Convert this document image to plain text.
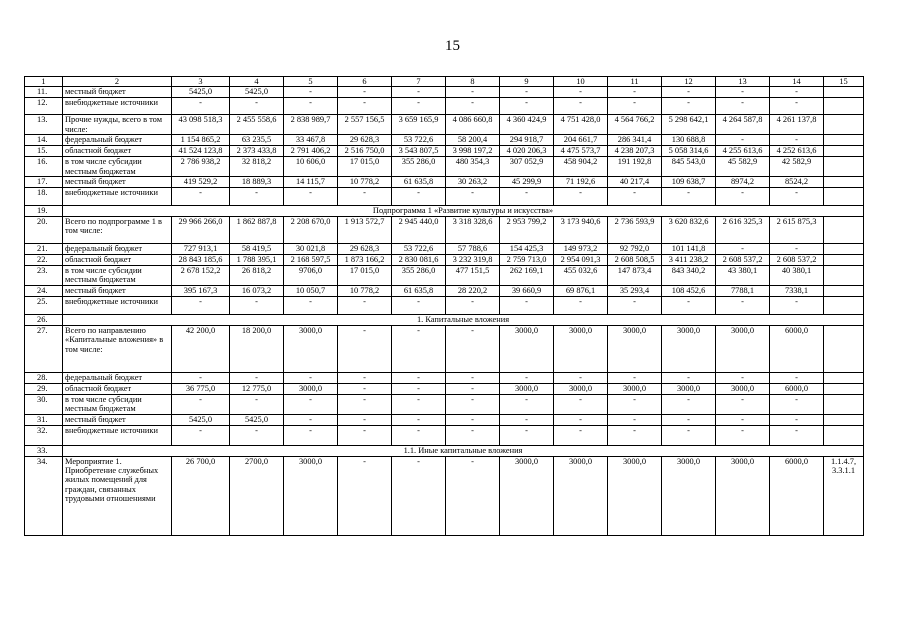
15
1	2	3	4	5	6	7	8	9	10	11	12	13	14	15
11.	местный бюджет	5425,0	5425,0	-	-	-	-	-	-	-	-	-	-	
12.	внебюджетные источники	-	-	-	-	-	-	-	-	-	-	-	-	
13.	Прочие нужды, всего в том числе:	43 098 518,3	2 455 558,6	2 838 989,7	2 557 156,5	3 659 165,9	4 086 660,8	4 360 424,9	4 751 428,0	4 564 766,2	5 298 642,1	4 264 587,8	4 261 137,8	
14.	федеральный бюджет	1 154 865,2	63 235,5	33 467,8	29 628,3	53 722,6	58 200,4	294 918,7	204 661,7	286 341,4	130 688,8	-	-	
15.	областной бюджет	41 524 123,8	2 373 433,8	2 791 406,2	2 516 750,0	3 543 807,5	3 998 197,2	4 020 206,3	4 475 573,7	4 238 207,3	5 058 314,6	4 255 613,6	4 252 613,6	
16.	в том числе субсидии местным бюджетам	2 786 938,2	32 818,2	10 606,0	17 015,0	355 286,0	480 354,3	307 052,9	458 904,2	191 192,8	845 543,0	45 582,9	42 582,9	
17.	местный бюджет	419 529,2	18 889,3	14 115,7	10 778,2	61 635,8	30 263,2	45 299,9	71 192,6	40 217,4	109 638,7	8974,2	8524,2	
18.	внебюджетные источники	-	-	-	-	-	-	-	-	-	-	-	-	
19.	Подпрограмма 1 «Развитие культуры и искусства»													
20.	Всего по подпрограмме 1 в том числе:	29 966 266,0	1 862 887,8	2 208 670,0	1 913 572,7	2 945 440,0	3 318 328,6	2 953 799,2	3 173 940,6	2 736 593,9	3 620 832,6	2 616 325,3	2 615 875,3	
21.	федеральный бюджет	727 913,1	58 419,5	30 021,8	29 628,3	53 722,6	57 788,6	154 425,3	149 973,2	92 792,0	101 141,8	-	-	
22.	областной бюджет	28 843 185,6	1 788 395,1	2 168 597,5	1 873 166,2	2 830 081,6	3 232 319,8	2 759 713,0	2 954 091,3	2 608 508,5	3 411 238,2	2 608 537,2	2 608 537,2	
23.	в том числе субсидии местным бюджетам	2 678 152,2	26 818,2	9706,0	17 015,0	355 286,0	477 151,5	262 169,1	455 032,6	147 873,4	843 340,2	43 380,1	40 380,1	
24.	местный бюджет	395 167,3	16 073,2	10 050,7	10 778,2	61 635,8	28 220,2	39 660,9	69 876,1	35 293,4	108 452,6	7788,1	7338,1	
25.	внебюджетные источники	-	-	-	-	-	-	-	-	-	-	-	-	
26.	1. Капитальные вложения													
27.	Всего по направлению «Капитальные вложения» в том числе:	42 200,0	18 200,0	3000,0	-	-	-	3000,0	3000,0	3000,0	3000,0	3000,0	6000,0	
28.	федеральный бюджет	-	-	-	-	-	-	-	-	-	-	-	-	
29.	областной бюджет	36 775,0	12 775,0	3000,0	-	-	-	3000,0	3000,0	3000,0	3000,0	3000,0	6000,0	
30.	в том числе субсидии местным бюджетам	-	-	-	-	-	-	-	-	-	-	-	-	
31.	местный бюджет	5425,0	5425,0	-	-	-	-	-	-	-	-	-	-	
32.	внебюджетные источники	-	-	-	-	-	-	-	-	-	-	-	-	
33.	1.1. Иные капитальные вложения													
34.	Мероприятие 1. Приобретение служебных жилых помещений для граждан, связанных трудовыми отношениями	26 700,0	2700,0	3000,0	-	-	-	3000,0	3000,0	3000,0	3000,0	3000,0	6000,0	1.1.4.7, 3.3.1.1
